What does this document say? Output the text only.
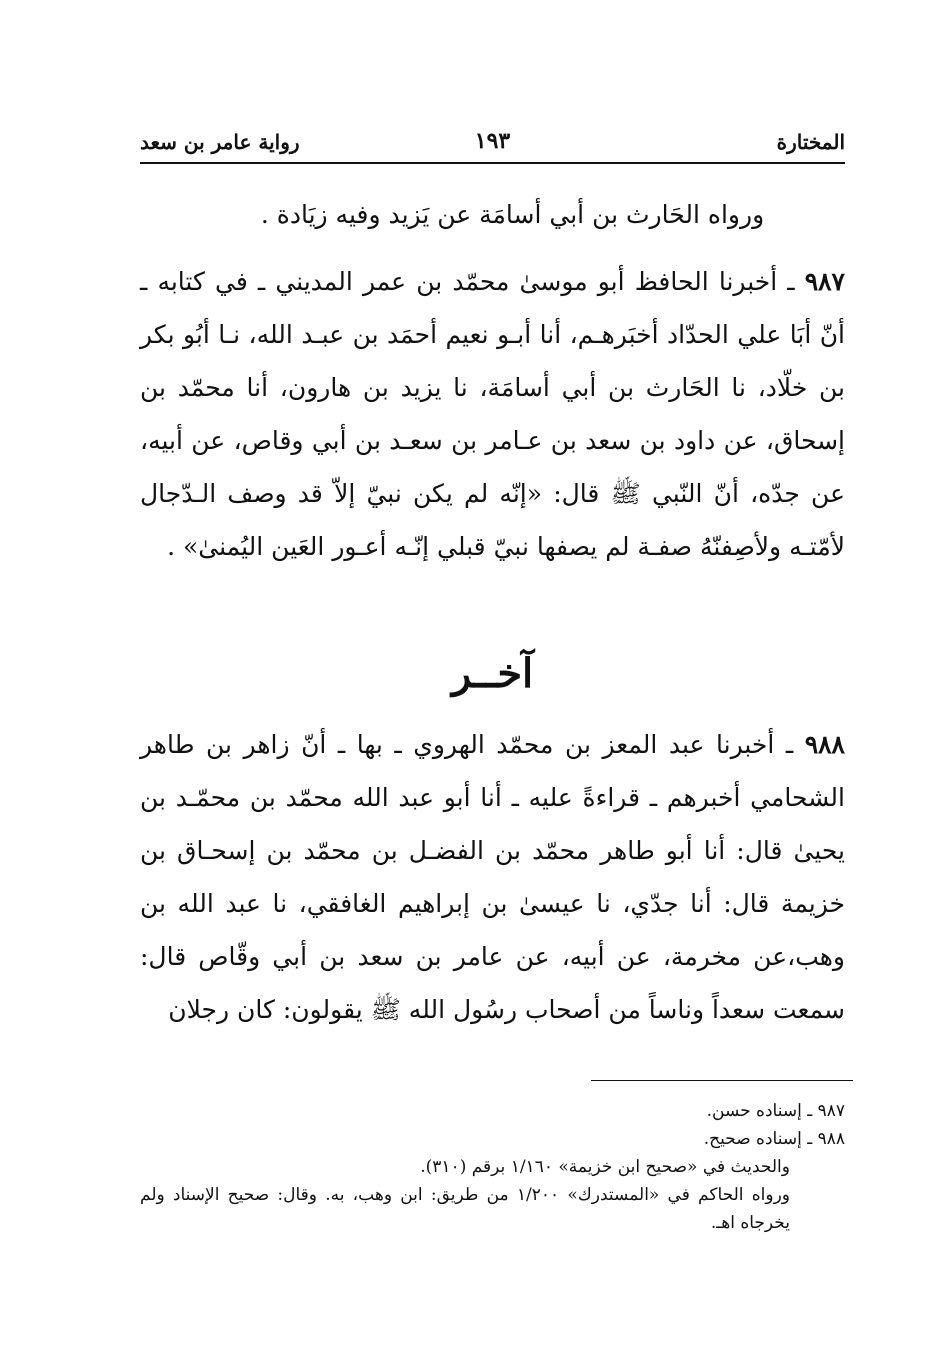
المختارة
١٩٣
رواية عامر بن سعد
ورواه الحَارث بن أبي أسامَة عن يَزيد وفيه زيَادة .

٩٨٧ ـ أخبرنا الحافظ أبو موسىٰ محمّد بن عمر المديني ـ في كتابه ـ أنّ أبَا علي الحدّاد أخبَرهـم، أنا أبـو نعيم أحمَد بن عبـد الله، نـا أبُو بكر بن خلّاد، نا الحَارث بن أبي أسامَة، نا يزيد بن هارون، أنا محمّد بن إسحاق، عن داود بن سعد بن عـامر بن سعـد بن أبي وقاص، عن أبيه، عن جدّه، أنّ النّبي ﷺ قال: «إنّه لم يكن نبيّ إلاّ قد وصف الـدّجال لأمّتـه ولأصِفنّهُ صفـة لم يصفها نبيّ قبلي إنّـه أعـور العَين اليُمنىٰ» .

آخــر

٩٨٨ ـ أخبرنا عبد المعز بن محمّد الهروي ـ بها ـ أنّ زاهر بن طاهر الشحامي أخبرهم ـ قراءةً عليه ـ أنا أبو عبد الله محمّد بن محمّـد بن يحيىٰ قال: أنا أبو طاهر محمّد بن الفضـل بن محمّد بن إسحـاق بن خزيمة قال: أنا جدّي، نا عيسىٰ بن إبراهيم الغافقي، نا عبد الله بن وهب،عن مخرمة، عن أبيه، عن عامر بن سعد بن أبي وقّاص قال: سمعت سعداً وناساً من أصحاب رسُول الله ﷺ يقولون: كان رجلان

٩٨٧ ـ إسناده حسن.

٩٨٨ ـ إسناده صحيح.

والحديث في «صحيح ابن خزيمة» ١/١٦٠ برقم (٣١٠).

ورواه الحاكم في «المستدرك» ١/٢٠٠ من طريق: ابن وهب، به. وقال: صحيح الإسناد ولم يخرجاه اهـ.
